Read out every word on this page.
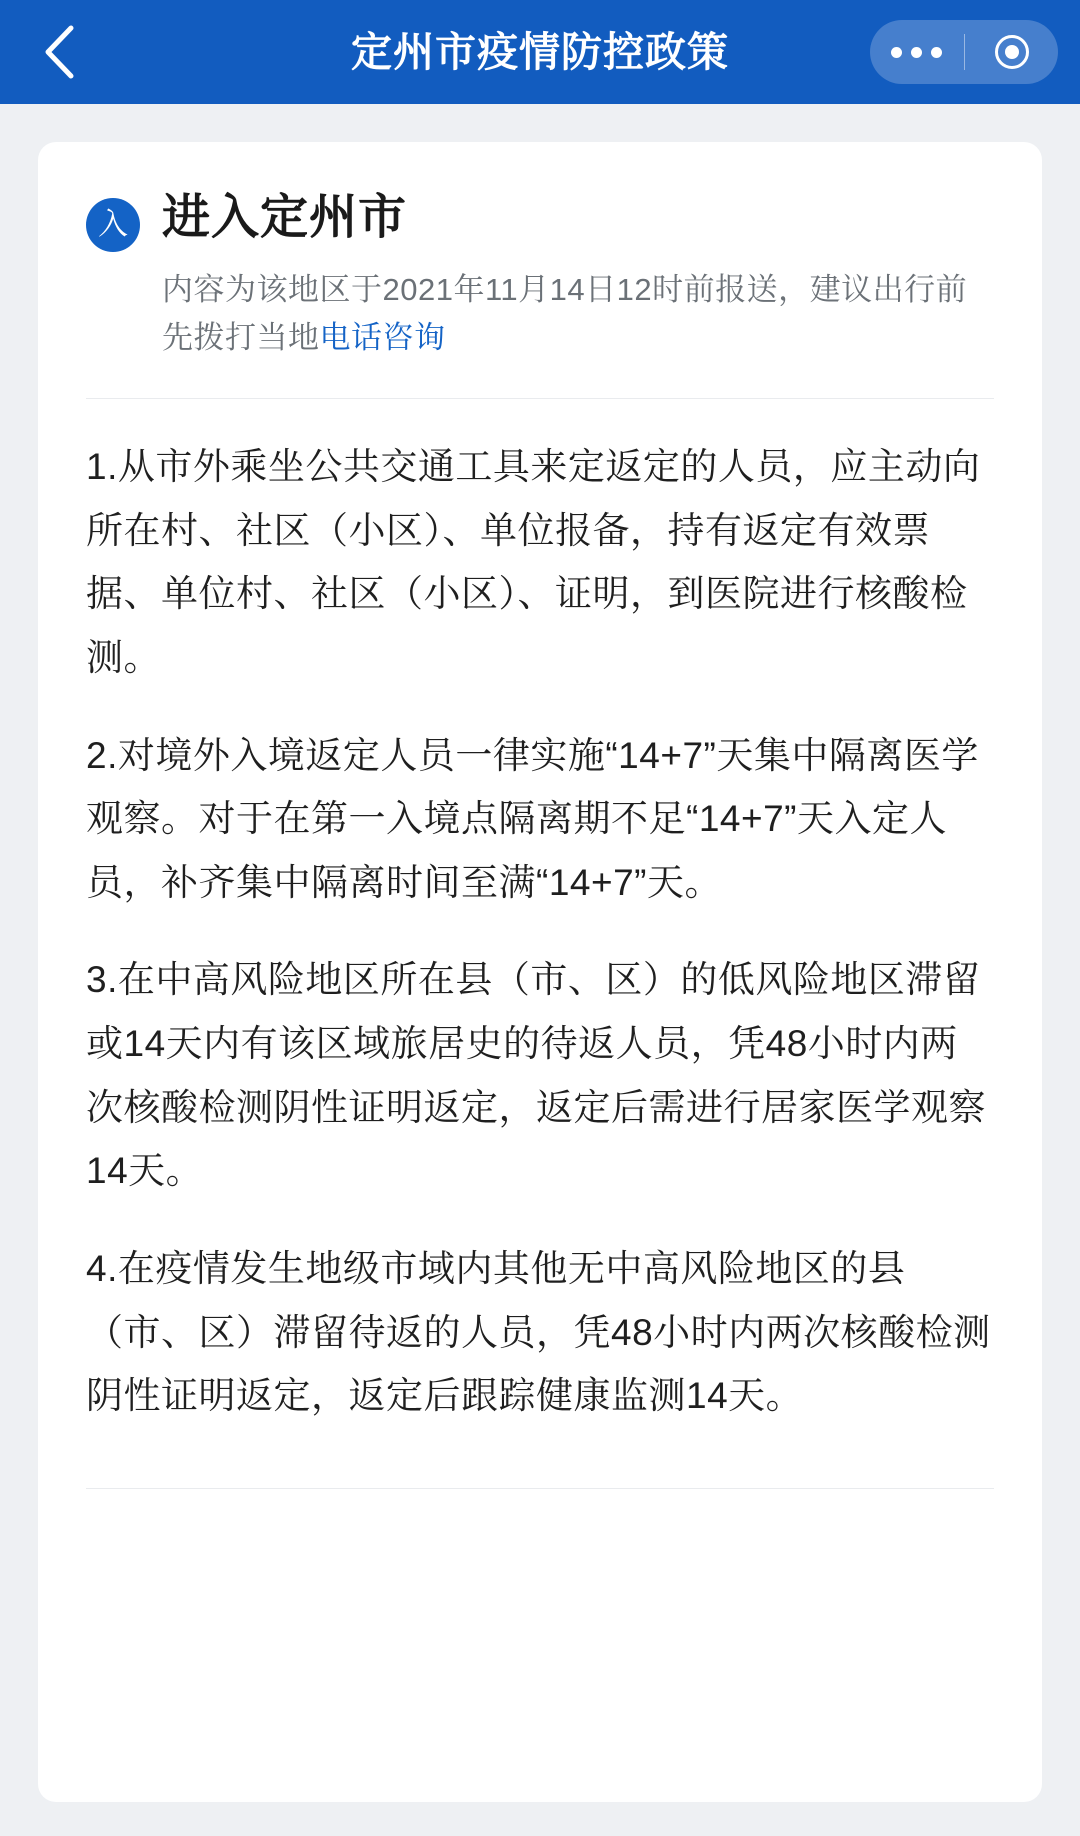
定州市疫情防控政策
入 进入定州市
内容为该地区于2021年11月14日12时前报送，建议出行前先拨打当地电话咨询

1.从市外乘坐公共交通工具来定返定的人员，应主动向所在村、社区（小区）、单位报备，持有返定有效票据、单位村、社区（小区）、证明，到医院进行核酸检测。

2.对境外入境返定人员一律实施“14+7”天集中隔离医学观察。对于在第一入境点隔离期不足“14+7”天入定人员，补齐集中隔离时间至满“14+7”天。

3.在中高风险地区所在县（市、区）的低风险地区滞留或14天内有该区域旅居史的待返人员，凭48小时内两次核酸检测阴性证明返定，返定后需进行居家医学观察14天。

4.在疫情发生地级市域内其他无中高风险地区的县（市、区）滞留待返的人员，凭48小时内两次核酸检测阴性证明返定，返定后跟踪健康监测14天。
